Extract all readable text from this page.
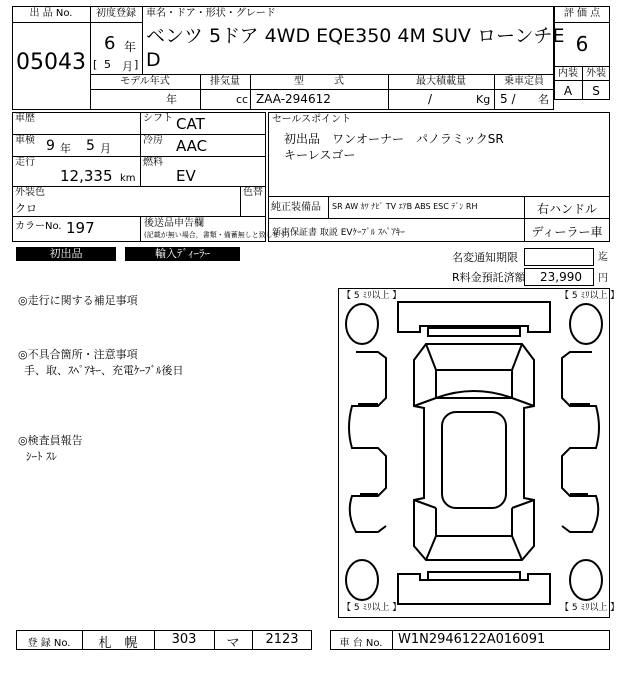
出 品 No.
05043
初度登録
6 年
[ 5 月 ]
車名・ドア・形状・グレード
ベンツ 5ドア 4WD EQE350 4M SUV ローンチE
D
モデル年式
年
排気量
cc
型　　　式
ZAA-294612
最大積載量
/	Kg
乗車定員
5 / 名
評 価 点
6
内装 外装
A	S
車歴
車検 9 年 5 月
走行
12,335 km
シフト CAT
冷房 AAC
燃料
EV
外装色
クロ
色替
カラーNo. 197	後送品申告欄
(記載が無い場合，書類・備蓄無しと致します)
セールスポイント
初出品　ワンオーナー　パノラミックSR
キーレスゴー
純正装備品 SR AW ｶﾜ ﾅﾋﾞ TV ｴｱB ABS ESC ﾃﾞﾝ RH	右ハンドル
新車保証書 取説 EVｹｰﾌﾞﾙ ｽﾍﾟｱｷｰ	ディーラー車
初出品	輸入ﾃﾞｨｰﾗｰ	名変通知期限	迄
R料金預託済額 23,990 円
◎走行に関する補足事項
◎不具合箇所・注意事項
手、取、ｽﾍﾟｱｷｰ、充電ｹｰﾌﾞﾙ後日
◎検査員報告
ｼｰﾄ ｽﾚ
【 5 ﾐﾘ以上 】	【 5 ﾐﾘ以上 】
【 5 ﾐﾘ以上 】	【 5 ﾐﾘ以上 】
登 録 No.	札　幌	303	マ	2123	車 台 No.	W1N2946122A016091
